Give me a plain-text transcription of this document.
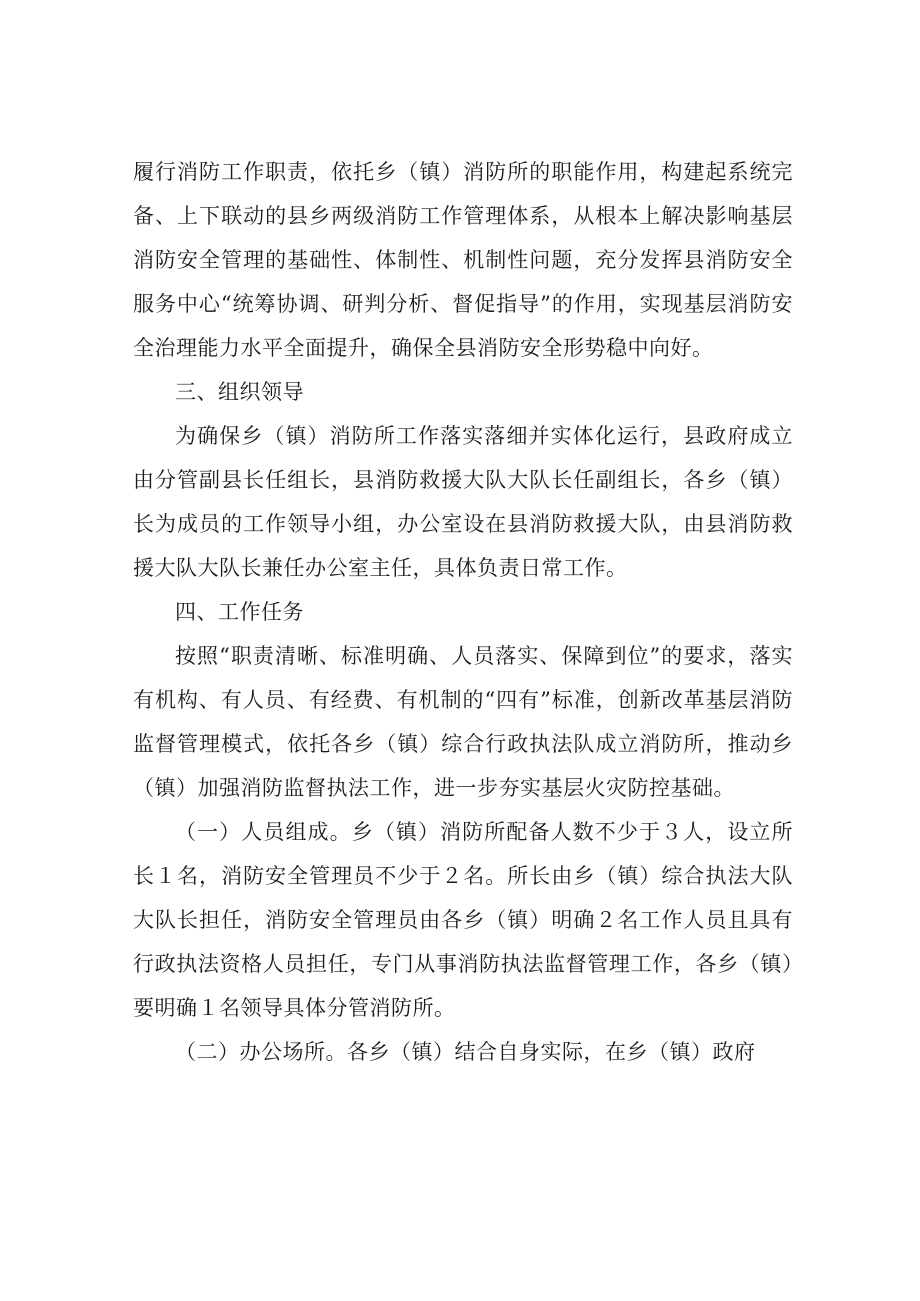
履行消防工作职责，依托乡（镇）消防所的职能作用，构建起系统完备、上下联动的县乡两级消防工作管理体系，从根本上解决影响基层消防安全管理的基础性、体制性、机制性问题，充分发挥县消防安全服务中心“统筹协调、研判分析、督促指导”的作用，实现基层消防安全治理能力水平全面提升，确保全县消防安全形势稳中向好。

三、组织领导

为确保乡（镇）消防所工作落实落细并实体化运行，县政府成立由分管副县长任组长，县消防救援大队大队长任副组长，各乡（镇）长为成员的工作领导小组，办公室设在县消防救援大队，由县消防救援大队大队长兼任办公室主任，具体负责日常工作。

四、工作任务

按照“职责清晰、标准明确、人员落实、保障到位”的要求，落实有机构、有人员、有经费、有机制的“四有”标准，创新改革基层消防监督管理模式，依托各乡（镇）综合行政执法队成立消防所，推动乡（镇）加强消防监督执法工作，进一步夯实基层火灾防控基础。

（一）人员组成。乡（镇）消防所配备人数不少于３人，设立所长１名，消防安全管理员不少于２名。所长由乡（镇）综合执法大队大队长担任，消防安全管理员由各乡（镇）明确２名工作人员且具有行政执法资格人员担任，专门从事消防执法监督管理工作，各乡（镇）要明确１名领导具体分管消防所。

（二）办公场所。各乡（镇）结合自身实际，在乡（镇）政府
